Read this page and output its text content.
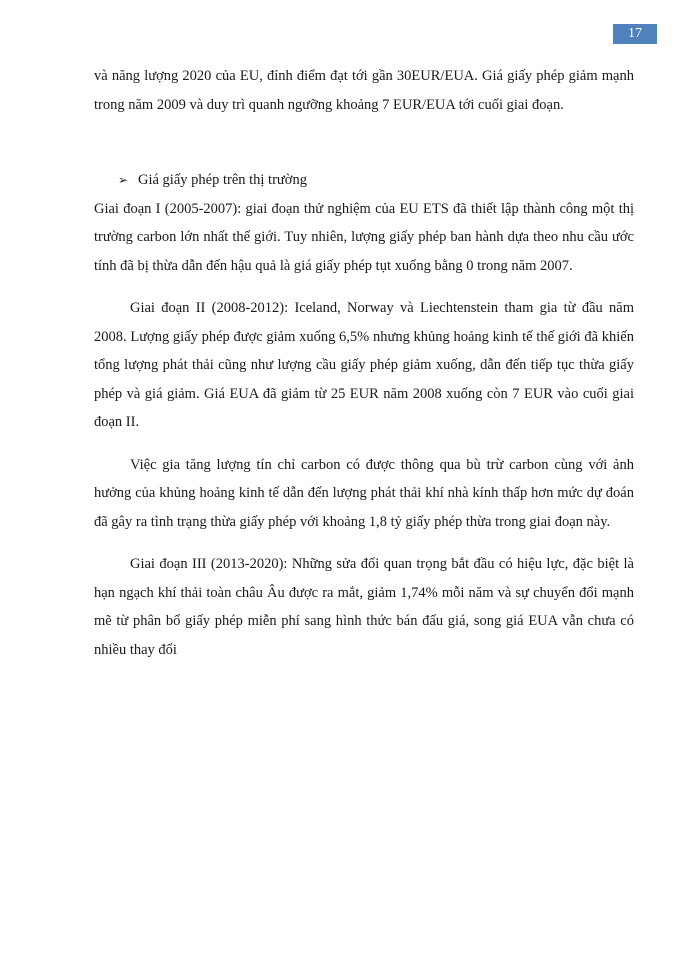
17

và năng lượng 2020 của EU, đỉnh điểm đạt tới gần 30EUR/EUA. Giá giấy phép giảm mạnh trong năm 2009 và duy trì quanh ngưỡng khoảng 7 EUR/EUA tới cuối giai đoạn.

➢ Giá giấy phép trên thị trường

Giai đoạn I (2005-2007): giai đoạn thử nghiệm của EU ETS đã thiết lập thành công một thị trường carbon lớn nhất thế giới. Tuy nhiên, lượng giấy phép ban hành dựa theo nhu cầu ước tính đã bị thừa dẫn đến hậu quả là giá giấy phép tụt xuống bằng 0 trong năm 2007.

Giai đoạn II (2008-2012): Iceland, Norway và Liechtenstein tham gia từ đầu năm 2008. Lượng giấy phép được giảm xuống 6,5% nhưng khủng hoảng kinh tế thế giới đã khiến tổng lượng phát thải cũng như lượng cầu giấy phép giảm xuống, dẫn đến tiếp tục thừa giấy phép và giá giảm. Giá EUA đã giảm từ 25 EUR năm 2008 xuống còn 7 EUR vào cuối giai đoạn II.

Việc gia tăng lượng tín chỉ carbon có được thông qua bù trừ carbon cùng với ảnh hưởng của khủng hoảng kinh tế dẫn đến lượng phát thải khí nhà kính thấp hơn mức dự đoán đã gây ra tình trạng thừa giấy phép với khoảng 1,8 tỷ giấy phép thừa trong giai đoạn này.

Giai đoạn III (2013-2020): Những sửa đổi quan trọng bắt đầu có hiệu lực, đặc biệt là hạn ngạch khí thải toàn châu Âu được ra mắt, giảm 1,74% mỗi năm và sự chuyển đổi mạnh mẽ từ phân bổ giấy phép miễn phí sang hình thức bán đấu giá, song giá EUA vẫn chưa có nhiều thay đổi
